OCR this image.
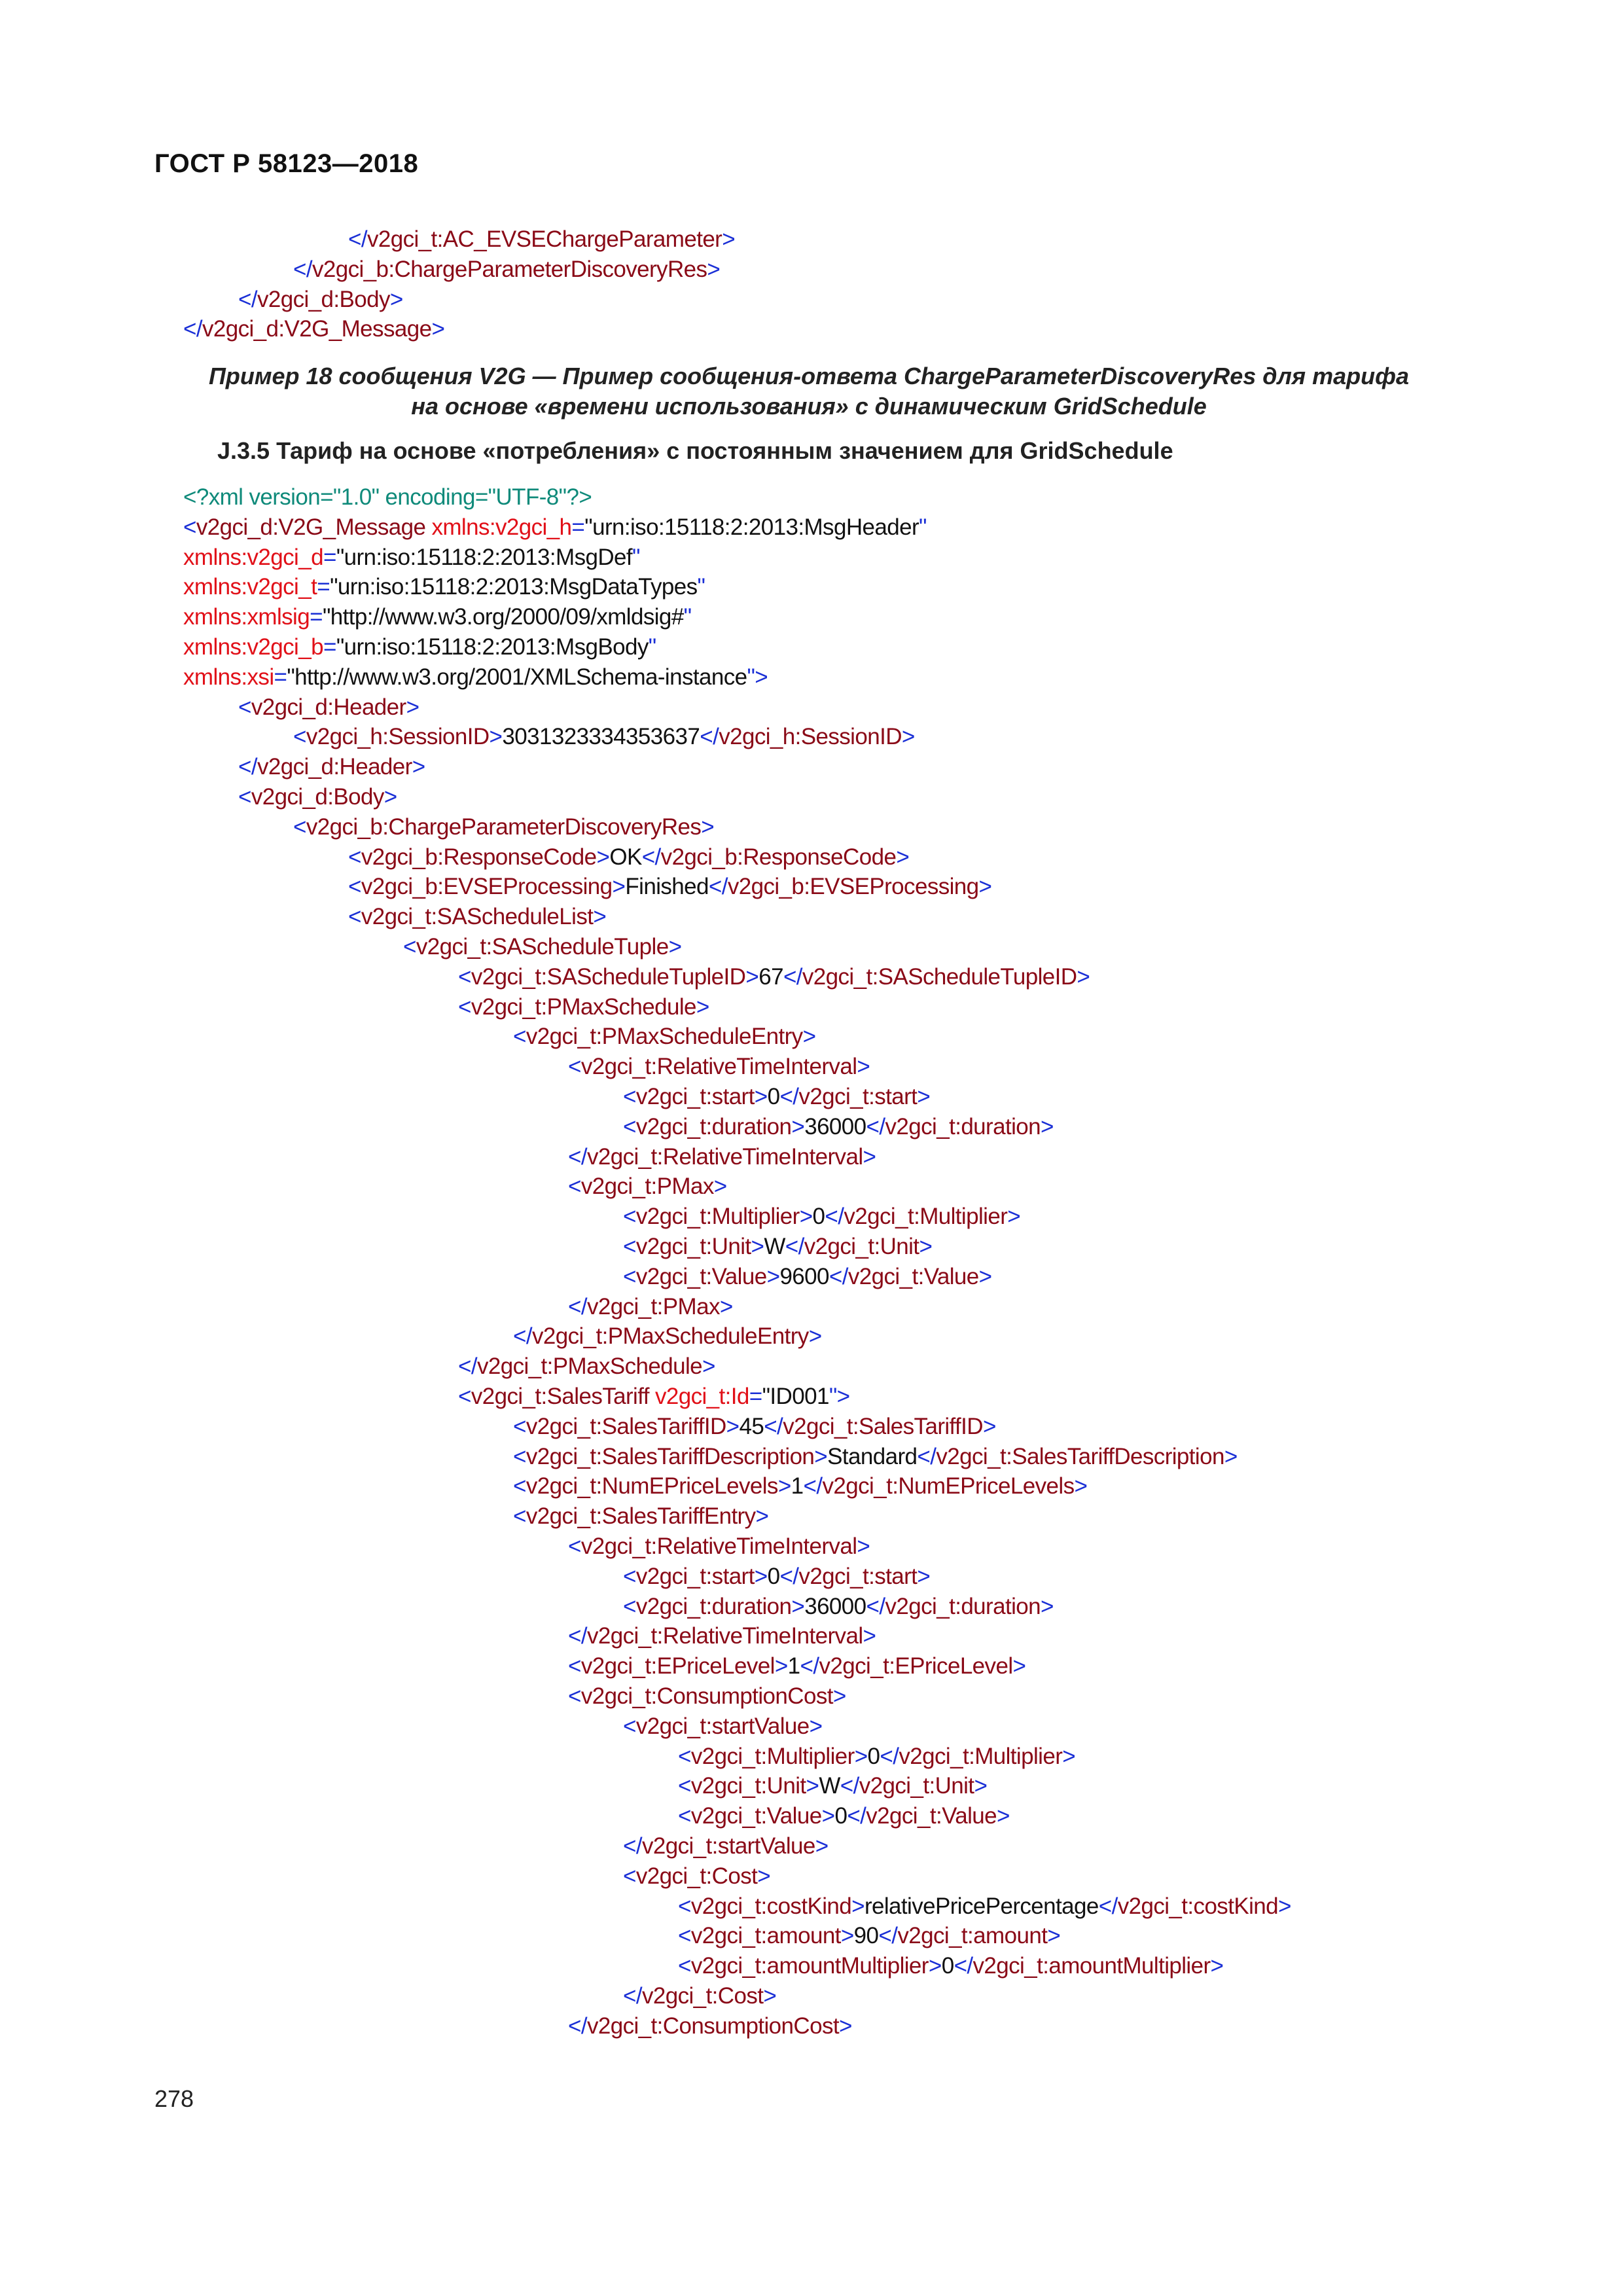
ГОСТ Р 58123—2018
</v2gci_t:AC_EVSEChargeParameter>
</v2gci_b:ChargeParameterDiscoveryRes>
</v2gci_d:Body>
</v2gci_d:V2G_Message>
Пример 18 сообщения V2G — Пример сообщения-ответа ChargeParameterDiscoveryRes для тарифа
на основе «времени использования» с динамическим GridSchedule
J.3.5 Тариф на основе «потребления» с постоянным значением для GridSchedule
<?xml version="1.0" encoding="UTF-8"?>
<v2gci_d:V2G_Message xmlns:v2gci_h="urn:iso:15118:2:2013:MsgHeader"
xmlns:v2gci_d="urn:iso:15118:2:2013:MsgDef"
xmlns:v2gci_t="urn:iso:15118:2:2013:MsgDataTypes"
xmlns:xmlsig="http://www.w3.org/2000/09/xmldsig#"
xmlns:v2gci_b="urn:iso:15118:2:2013:MsgBody"
xmlns:xsi="http://www.w3.org/2001/XMLSchema-instance">
<v2gci_d:Header>
<v2gci_h:SessionID>3031323334353637</v2gci_h:SessionID>
</v2gci_d:Header>
<v2gci_d:Body>
<v2gci_b:ChargeParameterDiscoveryRes>
<v2gci_b:ResponseCode>OK</v2gci_b:ResponseCode>
<v2gci_b:EVSEProcessing>Finished</v2gci_b:EVSEProcessing>
<v2gci_t:SAScheduleList>
<v2gci_t:SAScheduleTuple>
<v2gci_t:SAScheduleTupleID>67</v2gci_t:SAScheduleTupleID>
<v2gci_t:PMaxSchedule>
<v2gci_t:PMaxScheduleEntry>
<v2gci_t:RelativeTimeInterval>
<v2gci_t:start>0</v2gci_t:start>
<v2gci_t:duration>36000</v2gci_t:duration>
</v2gci_t:RelativeTimeInterval>
<v2gci_t:PMax>
<v2gci_t:Multiplier>0</v2gci_t:Multiplier>
<v2gci_t:Unit>W</v2gci_t:Unit>
<v2gci_t:Value>9600</v2gci_t:Value>
</v2gci_t:PMax>
</v2gci_t:PMaxScheduleEntry>
</v2gci_t:PMaxSchedule>
<v2gci_t:SalesTariff v2gci_t:Id="ID001">
<v2gci_t:SalesTariffID>45</v2gci_t:SalesTariffID>
<v2gci_t:SalesTariffDescription>Standard</v2gci_t:SalesTariffDescription>
<v2gci_t:NumEPriceLevels>1</v2gci_t:NumEPriceLevels>
<v2gci_t:SalesTariffEntry>
<v2gci_t:RelativeTimeInterval>
<v2gci_t:start>0</v2gci_t:start>
<v2gci_t:duration>36000</v2gci_t:duration>
</v2gci_t:RelativeTimeInterval>
<v2gci_t:EPriceLevel>1</v2gci_t:EPriceLevel>
<v2gci_t:ConsumptionCost>
<v2gci_t:startValue>
<v2gci_t:Multiplier>0</v2gci_t:Multiplier>
<v2gci_t:Unit>W</v2gci_t:Unit>
<v2gci_t:Value>0</v2gci_t:Value>
</v2gci_t:startValue>
<v2gci_t:Cost>
<v2gci_t:costKind>relativePricePercentage</v2gci_t:costKind>
<v2gci_t:amount>90</v2gci_t:amount>
<v2gci_t:amountMultiplier>0</v2gci_t:amountMultiplier>
</v2gci_t:Cost>
</v2gci_t:ConsumptionCost>
278
